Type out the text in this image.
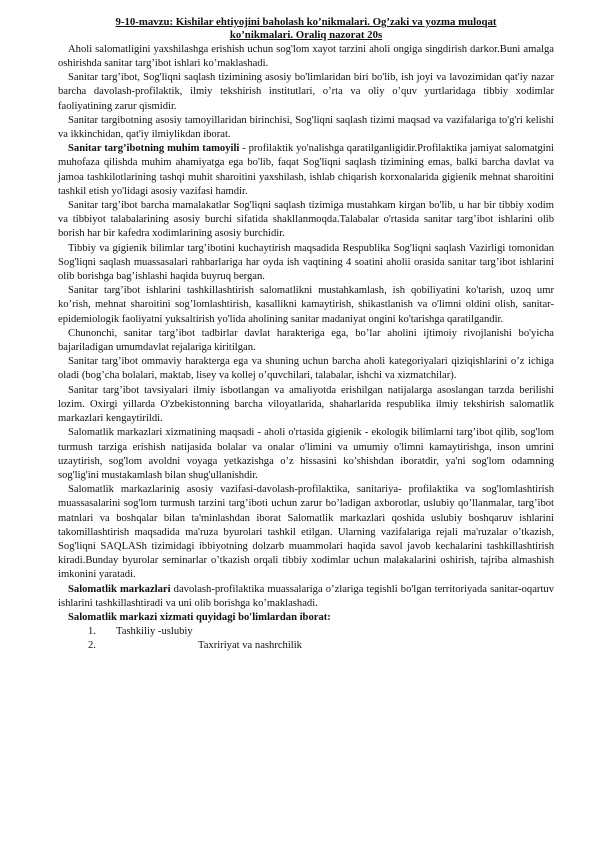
9-10-mavzu: Kishilar ehtiyojini baholash ko’nikmalari. Og’zaki va yozma muloqat
ko’nikmalari. Oraliq nazorat 20s

Aholi salomatligini yaxshilashga erishish uchun sog'lom xayot tarzini aholi ongiga singdirish darkor.Buni amalga oshirishda sanitar targ’ibot ishlari ko’maklashadi.

Sanitar targ’ibot, Sog'liqni saqlash tizimining asosiy bo'limlaridan biri bo'lib, ish joyi va lavozimidan qat'iy nazar barcha davolash-profilaktik, ilmiy tekshirish institutlari, o’rta va oliy o’quv yurtlaridaga tibbiy xodimlar faoliyatining zarur qismidir.

Sanitar targibotning asosiy tamoyillaridan birinchisi, Sog'liqni saqlash tizimi maqsad va vazifalariga to'g'ri kelishi va ikkinchidan, qat'iy ilmiylikdan iborat.

Sanitar targ’ibotning muhim tamoyili - profilaktik yo'nalishga qaratilganligidir.Profilaktika jamiyat salomatgini muhofaza qilishda muhim ahamiyatga ega bo'lib, faqat Sog'liqni saqlash tizimining emas, balki barcha davlat va jamoa tashkilotlarining tashqi muhit sharoitini yaxshilash, ishlab chiqarish korxonalarida gigienik mehnat sharoitini tashkil etish yo'lidagi asosiy vazifasi hamdir.

Sanitar targ’ibot barcha mamalakatlar Sog'liqni saqlash tizimiga mustahkam kirgan bo'lib, u har bir tibbiy xodim va tibbiyot talabalarining asosiy burchi sifatida shakllanmoqda.Talabalar o'rtasida sanitar targ’ibot ishlarini olib borish har bir kafedra xodimlarining asosiy burchidir.

Tibbiy va gigienik bilimlar targ’ibotini kuchaytirish maqsadida Respublika Sog'liqni saqlash Vazirligi tomonidan Sog'liqni saqlash muassasalari rahbarlariga har oyda ish vaqtining 4 soatini aholii orasida sanitar targ’ibot ishlarini olib borishga bag’ishlashi haqida buyruq bergan.

Sanitar targ’ibot ishlarini tashkillashtirish salomatlikni mustahkamlash, ish qobiliyatini ko'tarish, uzoq umr ko’rish, mehnat sharoitini sog’lomlashtirish, kasallikni kamaytirish, shikastlanish va o'limni oldini olish, sanitar-epidemiologik faoliyatni yuksaltirish yo'lida aholining sanitar madaniyat ongini ko'tarishga qaratilgandir.

Chunonchi, sanitar targ’ibot tadbirlar davlat harakteriga ega, bo’lar aholini ijtimoiy rivojlanishi bo'yicha bajariladigan umumdavlat rejalariga kiritilgan.

Sanitar targ’ibot ommaviy harakterga ega va shuning uchun barcha aholi kategoriyalari qiziqishlarini o’z ichiga oladi (bog’cha bolalari, maktab, lisey va kollej o’quvchilari, talabalar, ishchi va xizmatchilar).

Sanitar targ’ibot tavsiyalari ilmiy isbotlangan va amaliyotda erishilgan natijalarga asoslangan tarzda berilishi lozim. Oxirgi yillarda O'zbekistonning barcha viloyatlarida, shaharlarida respublika ilmiy tekshirish salomatlik markazlari kengaytirildi.

Salomatlik markazlari xizmatining maqsadi - aholi o'rtasida gigienik - ekologik bilimlarni targ’ibot qilib, sog'lom turmush tarziga erishish natijasida bolalar va onalar o'limini va umumiy o'limni kamaytirishga, inson umrini uzaytirish, sog'lom avoldni voyaga yetkazishga o’z hissasini ko’shishdan iboratdir, ya'ni sog'lom odamning sog'lig'ini mustakamlash bilan shug'ullanishdir.

Salomatlik markazlarinig asosiy vazifasi-davolash-profilaktika, sanitariya- profilaktika va sog'lomlashtirish muassasalarini sog'lom turmush tarzini targ’iboti uchun zarur bo’ladigan axborotlar, uslubiy qo’llanmalar, targ’ibot matnlari va boshqalar bilan ta'minlashdan iborat Salomatlik markazlari qoshida uslubiy boshqaruv ishlarini takomillashtirish maqsadida ma'ruza byurolari tashkil etilgan. Ularning vazifalariga rejali ma'ruzalar o’tkazish, Sog'liqni SAQLASh tizimidagi ibbiyotning dolzarb muammolari haqida savol javob kechalarini tashkillashtirish kiradi.Bunday byurolar seminarlar o’tkazish orqali tibbiy xodimlar uchun malakalarini oshirish, tajriba almashish imkonini yaratadi.

Salomatlik markazlari davolash-profilaktika muassalariga o’zlariga tegishli bo'lgan territoriyada sanitar-oqartuv ishlarini tashkillashtiradi va uni olib borishga ko’maklashadi.

Salomatlik markazi xizmati quyidagi bo'limlardan iborat:

1.	Tashkiliy -uslubiy
2.	Taxririyat va nashrchilik
